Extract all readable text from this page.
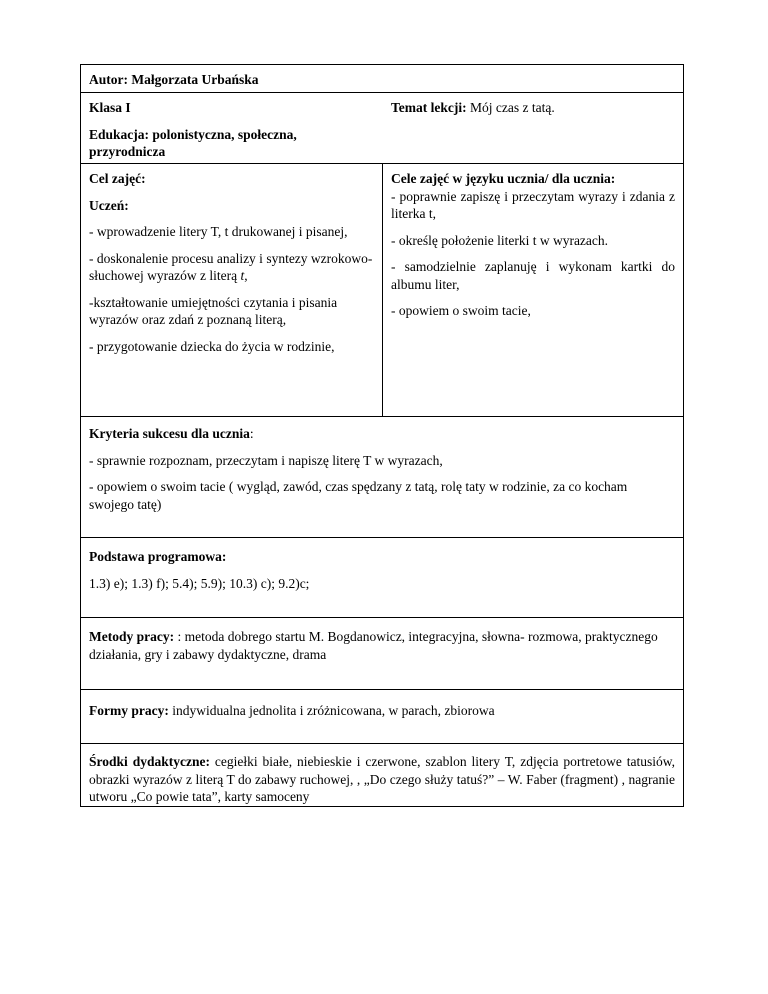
Autor: Małgorzata Urbańska

Klasa I

Edukacja: polonistyczna, społeczna, przyrodnicza

Temat lekcji: Mój czas z tatą.

Cel zajęć:

Uczeń:

- wprowadzenie litery T, t drukowanej i pisanej,

- doskonalenie procesu analizy i syntezy wzrokowo- słuchowej wyrazów z literą t,

-kształtowanie umiejętności czytania i pisania wyrazów oraz zdań z poznaną literą,

- przygotowanie dziecka do życia w rodzinie,

Cele zajęć w języku ucznia/ dla ucznia:

- poprawnie zapiszę i przeczytam wyrazy i zdania z literka t,

- określę położenie literki t w wyrazach.

- samodzielnie zaplanuję i wykonam kartki do albumu liter,

- opowiem o swoim tacie,

Kryteria sukcesu dla ucznia:

- sprawnie rozpoznam, przeczytam i napiszę literę T w wyrazach,

- opowiem o swoim tacie ( wygląd, zawód, czas spędzany z tatą, rolę taty w rodzinie, za co kocham swojego tatę)

Podstawa programowa:

1.3) e); 1.3) f); 5.4); 5.9); 10.3) c); 9.2)c;

Metody pracy: : metoda dobrego startu M. Bogdanowicz, integracyjna, słowna- rozmowa, praktycznego działania, gry i zabawy dydaktyczne, drama

Formy pracy: indywidualna jednolita i zróżnicowana, w parach, zbiorowa

Środki dydaktyczne: cegiełki białe, niebieskie i czerwone, szablon litery T, zdjęcia portretowe tatusiów, obrazki wyrazów z literą T do zabawy ruchowej, , „Do czego służy tatuś?” – W. Faber (fragment) , nagranie utworu „Co powie tata”, karty samoceny
